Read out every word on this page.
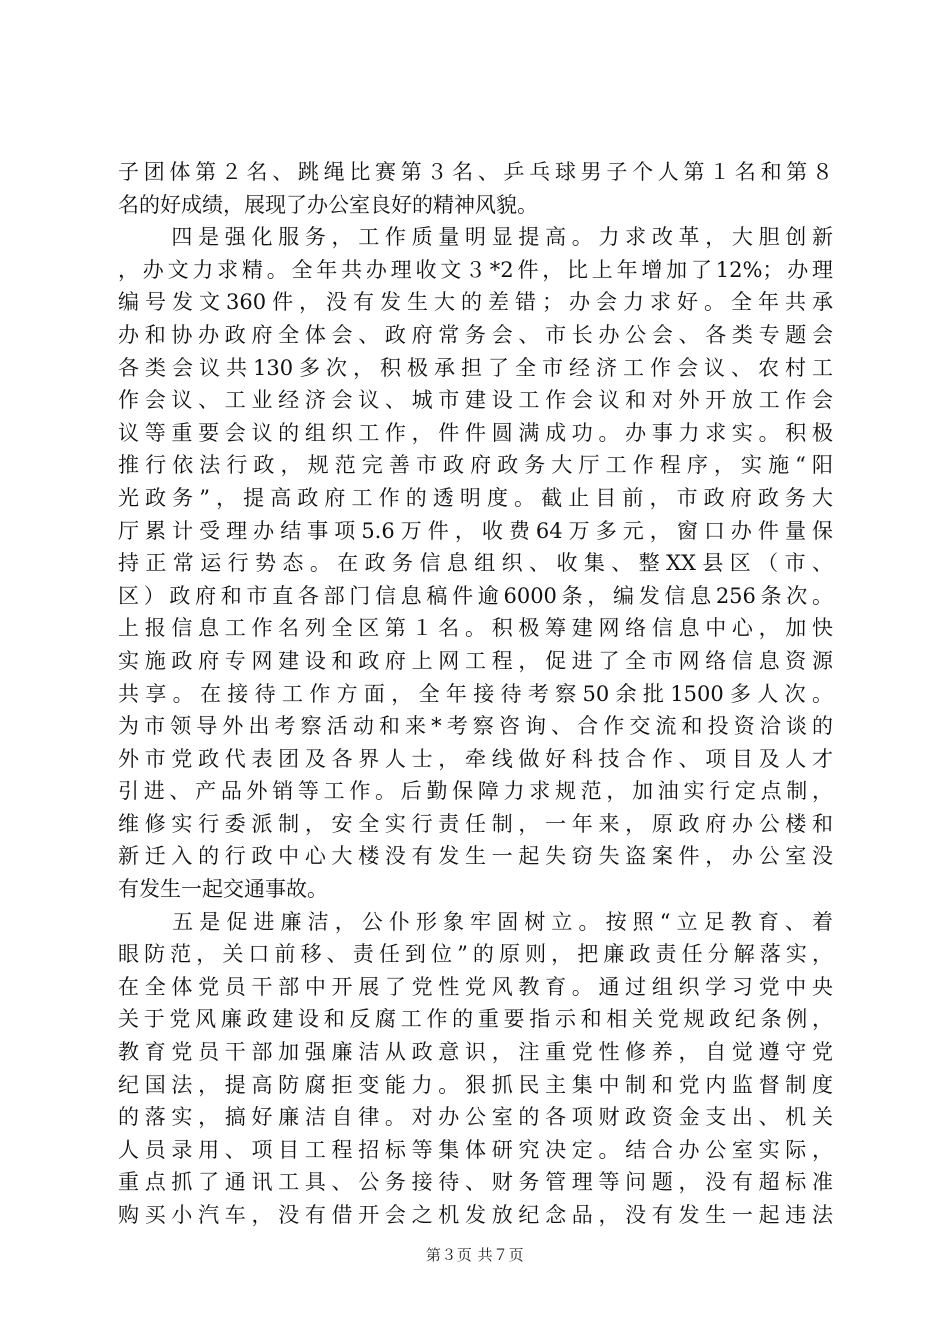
子团体第２名、跳绳比赛第３名、乒乓球男子个人第１名和第８
名的好成绩，展现了办公室良好的精神风貌。
　　四是强化服务，工作质量明显提高。力求改革，大胆创新
，办文力求精。全年共办理收文３*2件，比上年增加了12%；办理
编号发文360件，没有发生大的差错；办会力求好。全年共承
办和协办政府全体会、政府常务会、市长办公会、各类专题会
各类会议共130多次，积极承担了全市经济工作会议、农村工
作会议、工业经济会议、城市建设工作会议和对外开放工作会
议等重要会议的组织工作，件件圆满成功。办事力求实。积极
推行依法行政，规范完善市政府政务大厅工作程序，实施“阳
光政务”，提高政府工作的透明度。截止目前，市政府政务大
厅累计受理办结事项5.6万件，收费64万多元，窗口办件量保
持正常运行势态。在政务信息组织、收集、整XX县区（市、
区）政府和市直各部门信息稿件逾6000条，编发信息256条次。
上报信息工作名列全区第１名。积极筹建网络信息中心，加快
实施政府专网建设和政府上网工程，促进了全市网络信息资源
共享。在接待工作方面，全年接待考察50余批1500多人次。
为市领导外出考察活动和来*考察咨询、合作交流和投资洽谈的
外市党政代表团及各界人士，牵线做好科技合作、项目及人才
引进、产品外销等工作。后勤保障力求规范，加油实行定点制，
维修实行委派制，安全实行责任制，一年来，原政府办公楼和
新迁入的行政中心大楼没有发生一起失窃失盗案件，办公室没
有发生一起交通事故。
　　五是促进廉洁，公仆形象牢固树立。按照“立足教育、着
眼防范，关口前移、责任到位”的原则，把廉政责任分解落实，
在全体党员干部中开展了党性党风教育。通过组织学习党中央
关于党风廉政建设和反腐工作的重要指示和相关党规政纪条例，
教育党员干部加强廉洁从政意识，注重党性修养，自觉遵守党
纪国法，提高防腐拒变能力。狠抓民主集中制和党内监督制度
的落实，搞好廉洁自律。对办公室的各项财政资金支出、机关
人员录用、项目工程招标等集体研究决定。结合办公室实际，
重点抓了通讯工具、公务接待、财务管理等问题，没有超标准
购买小汽车，没有借开会之机发放纪念品，没有发生一起违法
第３页 共７页
